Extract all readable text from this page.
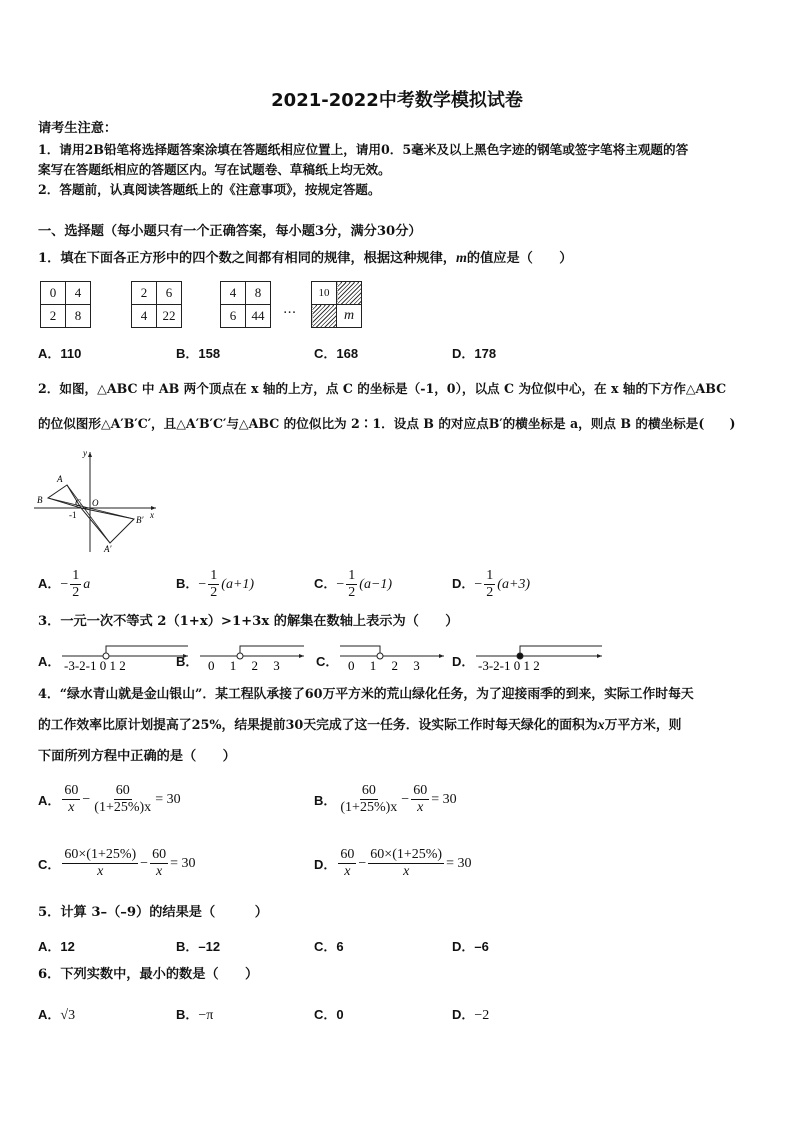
2021-2022中考数学模拟试卷
请考生注意：
1．请用2B铅笔将选择题答案涂填在答题纸相应位置上，请用0．5毫米及以上黑色字迹的钢笔或签字笔将主观题的答
案写在答题纸相应的答题区内。写在试题卷、草稿纸上均无效。
2．答题前，认真阅读答题纸上的《注意事项》，按规定答题。
一、选择题（每小题只有一个正确答案，每小题3分，满分30分）
1．填在下面各正方形中的四个数之间都有相同的规律，根据这种规律，m的值应是（　　）
0	4
2	8
2	6
4	22
4	8
6	44 …
10	
	m
A．110	B．158	C．168	D．178
2．如图，△ABC 中 AB 两个顶点在 x 轴的上方，点 C 的坐标是（-1，0），以点 C 为位似中心，在 x 轴的下方作△ABC
的位似图形△A′B′C′，且△A′B′C′与△ABC 的位似比为 2∶1．设点 B 的对应点B′的横坐标是 a，则点 B 的横坐标是(　　)
y
x
A
B	C O
-1	B′
A′
A．− $\frac{1}{2}$ a	B．− $\frac{1}{2} (a+1)$	C．− $\frac{1}{2} (a-1)$	D．− $\frac{1}{2} (a+3)$
3．一元一次不等式 2（1+x）>1+3x 的解集在数轴上表示为（　　）
A． -3-2-1 0 1 2	B． 0 1 2 3	C． 0 1 2 3 D． -3-2-1 0 1 2
4．“绿水青山就是金山银山”．某工程队承接了60万平方米的荒山绿化任务，为了迎接雨季的到来，实际工作时每天
的工作效率比原计划提高了25%，结果提前30天完成了这一任务．设实际工作时每天绿化的面积为x万平方米，则
下面所列方程中正确的是（　　）
A． $\frac{60}{x} - \frac{60}{(1+25\%)x} = 30$	B． $\frac{60}{(1+25\%)x} - \frac{60}{x} = 30$
C． $\frac{60\times(1+25\%)}{x} - \frac{60}{x} = 30$	D． $\frac{60}{x} - \frac{60\times(1+25\%)}{x} = 30$
5．计算 3–（–9）的结果是（　　　）
A．12	B．–12	C．6	D．–6
6．下列实数中，最小的数是（　　）
A．√3	B．−π	C．0	D．−2
